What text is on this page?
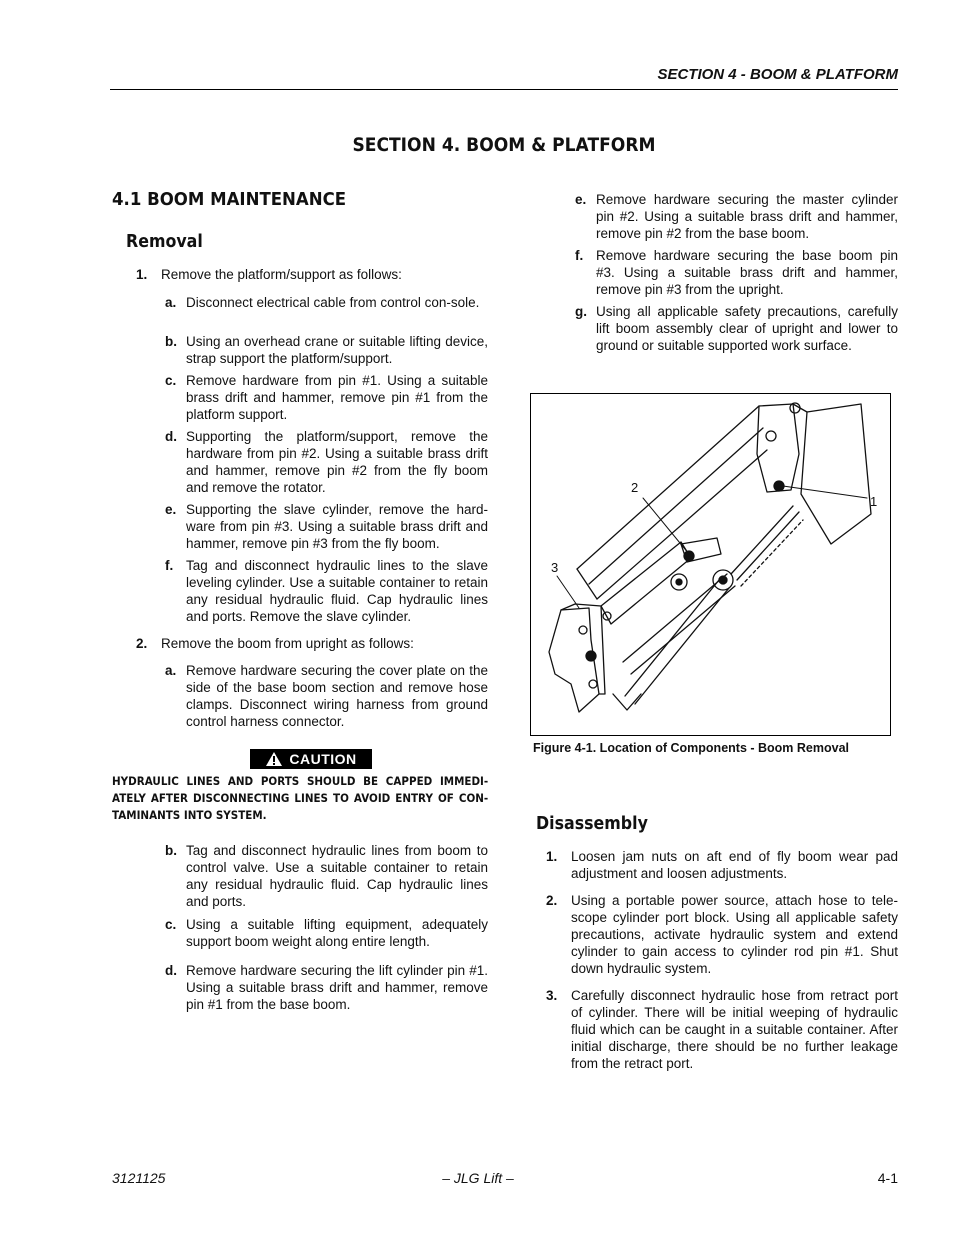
SECTION 4 - BOOM & PLATFORM
SECTION 4. BOOM & PLATFORM
4.1 BOOM MAINTENANCE
Removal
1. Remove the platform/support as follows:
a. Disconnect electrical cable from control con-sole.
b. Using an overhead crane or suitable lifting device, strap support the platform/support.
c. Remove hardware from pin #1. Using a suitable brass drift and hammer, remove pin #1 from the platform support.
d. Supporting the platform/support, remove the hardware from pin #2. Using a suitable brass drift and hammer, remove pin #2 from the fly boom and remove the rotator.
e. Supporting the slave cylinder, remove the hard-ware from pin #3. Using a suitable brass drift and hammer, remove pin #3 from the fly boom.
f. Tag and disconnect hydraulic lines to the slave leveling cylinder. Use a suitable container to retain any residual hydraulic fluid. Cap hydraulic lines and ports. Remove the slave cylinder.
2. Remove the boom from upright as follows:
a. Remove hardware securing the cover plate on the side of the base boom section and remove hose clamps. Disconnect wiring harness from ground control harness connector.
CAUTION
HYDRAULIC LINES AND PORTS SHOULD BE CAPPED IMMEDI-ATELY AFTER DISCONNECTING LINES TO AVOID ENTRY OF CON-TAMINANTS INTO SYSTEM.
b. Tag and disconnect hydraulic lines from boom to control valve. Use a suitable container to retain any residual hydraulic fluid. Cap hydraulic lines and ports.
c. Using a suitable lifting equipment, adequately support boom weight along entire length.
d. Remove hardware securing the lift cylinder pin #1. Using a suitable brass drift and hammer, remove pin #1 from the base boom.
e. Remove hardware securing the master cylinder pin #2. Using a suitable brass drift and hammer, remove pin #2 from the base boom.
f. Remove hardware securing the base boom pin #3. Using a suitable brass drift and hammer, remove pin #3 from the upright.
g. Using all applicable safety precautions, carefully lift boom assembly clear of upright and lower to ground or suitable supported work surface.
2
3
1
Figure 4-1. Location of Components - Boom Removal
Disassembly
1. Loosen jam nuts on aft end of fly boom wear pad adjustment and loosen adjustments.
2. Using a portable power source, attach hose to tele-scope cylinder port block. Using all applicable safety precautions, activate hydraulic system and extend cylinder to gain access to cylinder rod pin #1. Shut down hydraulic system.
3. Carefully disconnect hydraulic hose from retract port of cylinder. There will be initial weeping of hydraulic fluid which can be caught in a suitable container. After initial discharge, there should be no further leakage from the retract port.
3121125	– JLG Lift –	4-1
